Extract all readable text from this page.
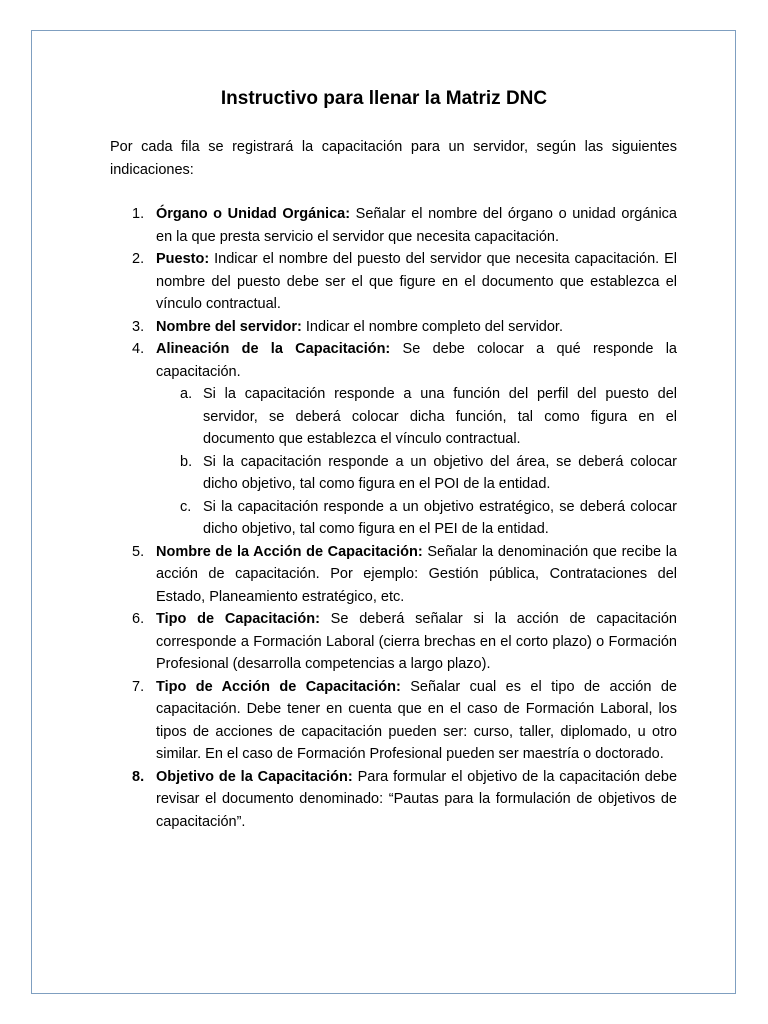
Instructivo para llenar la Matriz DNC

Por cada fila se registrará la capacitación para un servidor, según las siguientes indicaciones:

1. Órgano o Unidad Orgánica: Señalar el nombre del órgano o unidad orgánica en la que presta servicio el servidor que necesita capacitación.
2. Puesto: Indicar el nombre del puesto del servidor que necesita capacitación. El nombre del puesto debe ser el que figure en el documento que establezca el vínculo contractual.
3. Nombre del servidor: Indicar el nombre completo del servidor.
4. Alineación de la Capacitación: Se debe colocar a qué responde la capacitación.
a. Si la capacitación responde a una función del perfil del puesto del servidor, se deberá colocar dicha función, tal como figura en el documento que establezca el vínculo contractual.
b. Si la capacitación responde a un objetivo del área, se deberá colocar dicho objetivo, tal como figura en el POI de la entidad.
c. Si la capacitación responde a un objetivo estratégico, se deberá colocar dicho objetivo, tal como figura en el PEI de la entidad.
5. Nombre de la Acción de Capacitación: Señalar la denominación que recibe la acción de capacitación. Por ejemplo: Gestión pública, Contrataciones del Estado, Planeamiento estratégico, etc.
6. Tipo de Capacitación: Se deberá señalar si la acción de capacitación corresponde a Formación Laboral (cierra brechas en el corto plazo) o Formación Profesional (desarrolla competencias a largo plazo).
7. Tipo de Acción de Capacitación: Señalar cual es el tipo de acción de capacitación. Debe tener en cuenta que en el caso de Formación Laboral, los tipos de acciones de capacitación pueden ser: curso, taller, diplomado, u otro similar. En el caso de Formación Profesional pueden ser maestría o doctorado.
8. Objetivo de la Capacitación: Para formular el objetivo de la capacitación debe revisar el documento denominado: “Pautas para la formulación de objetivos de capacitación”.
